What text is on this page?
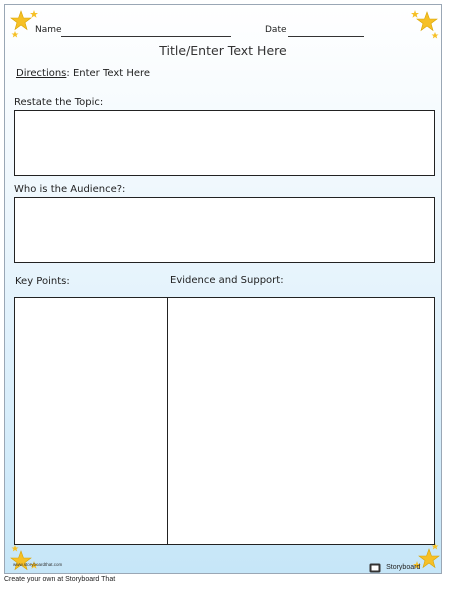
Name	Date
Title/Enter Text Here
Directions: Enter Text Here
Restate the Topic:
Who is the Audience?:
Key Points:	Evidence and Support:
www.storyboardthat.com	Storyboard
Create your own at Storyboard That
